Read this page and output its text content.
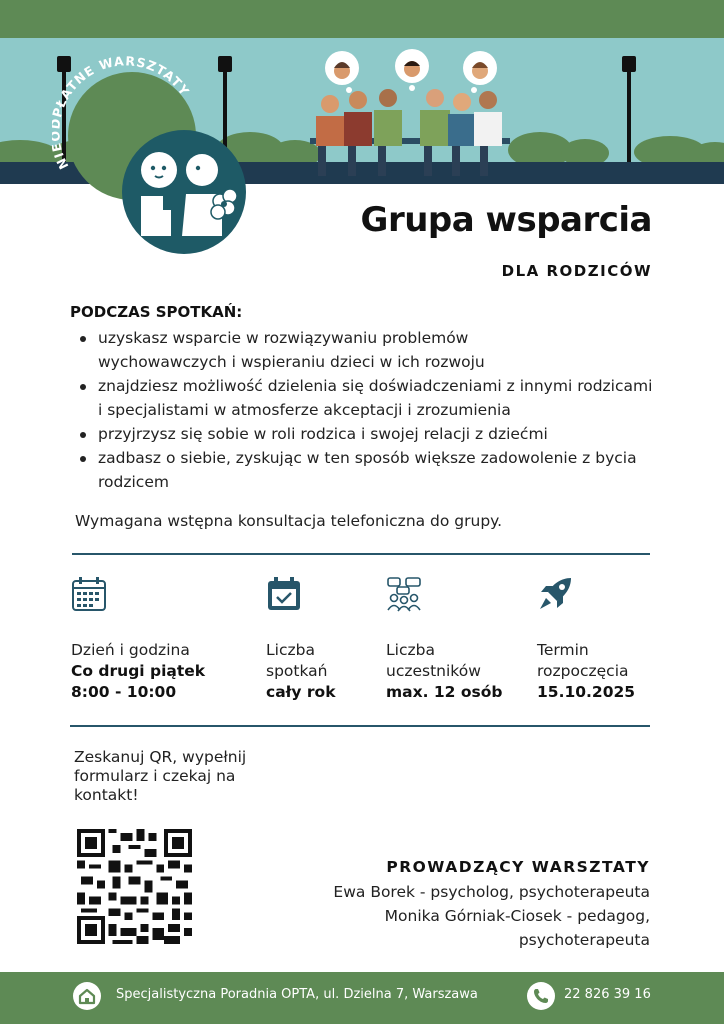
NI ŁATNE WARSZTATY
Grupa wsparcia
DLA RODZICÓW
PODCZAS SPOTKAŃ:
uzyskasz wsparcie w rozwiązywaniu problemów wychowawczych i wspieraniu dzieci w ich rozwoju
znajdziesz możliwość dzielenia się doświadczeniami z innymi rodzicami i specjalistami w atmosferze akceptacji i zrozumienia
przyjrzysz się sobie w roli rodzica i swojej relacji z dziećmi
zadbasz o siebie, zyskując w ten sposób większe zadowolenie z bycia rodzicem
Wymagana wstępna konsultacja telefoniczna do grupy.
Dzień i godzina
Co drugi piątek
8:00 - 10:00
Liczba spotkań
cały rok
Liczba uczestników
max. 12 osób
Termin rozpoczęcia
15.10.2025
Zeskanuj QR, wypełnij formularz i czekaj na kontakt!
PROWADZĄCY WARSZTATY
Ewa Borek - psycholog, psychoterapeuta
Monika Górniak-Ciosek - pedagog,
psychoterapeuta
Specjalistyczna Poradnia OPTA, ul. Dzielna 7, Warszawa	22 826 39 16
